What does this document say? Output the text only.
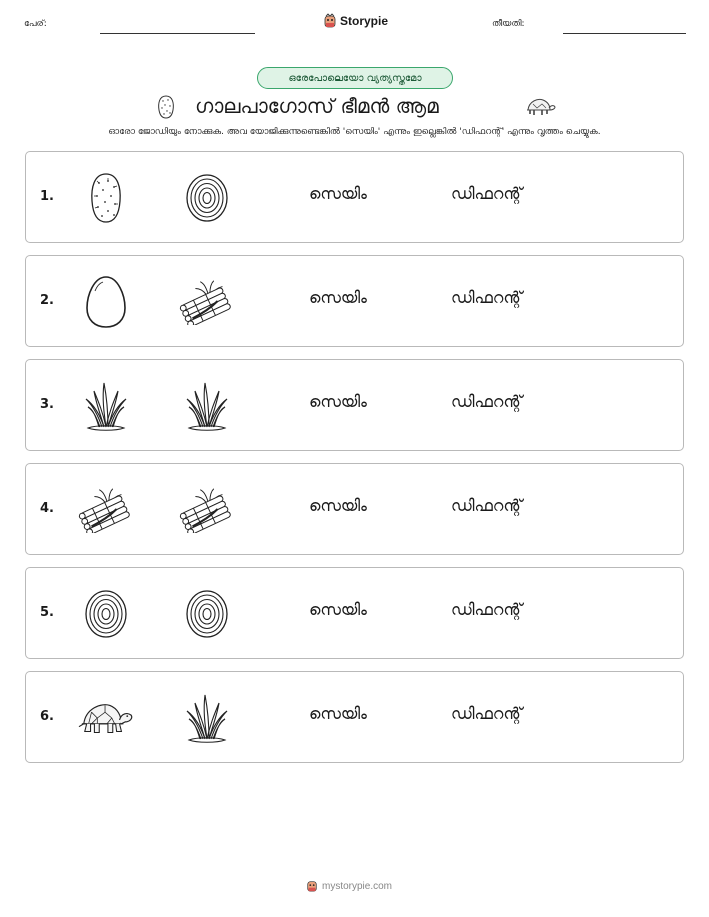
പേര്:	Storypie	തീയതി:
ഒരേപോലെയോ വ്യത്യസ്തമോ
ഗാലപാഗോസ് ഭീമൻ ആമ
ഓരോ ജോഡിയും നോക്കുക. അവ യോജിക്കുന്നുണ്ടെങ്കിൽ 'സെയിം' എന്നും ഇല്ലെങ്കിൽ 'ഡിഫറന്റ്' എന്നും വൃത്തം ചെയ്യുക.
1.	സെയിം	ഡിഫറന്റ്
2.	സെയിം	ഡിഫറന്റ്
3.	സെയിം	ഡിഫറന്റ്
4.	സെയിം	ഡിഫറന്റ്
5.	സെയിം	ഡിഫറന്റ്
6.	സെയിം	ഡിഫറന്റ്
mystorypie.com
